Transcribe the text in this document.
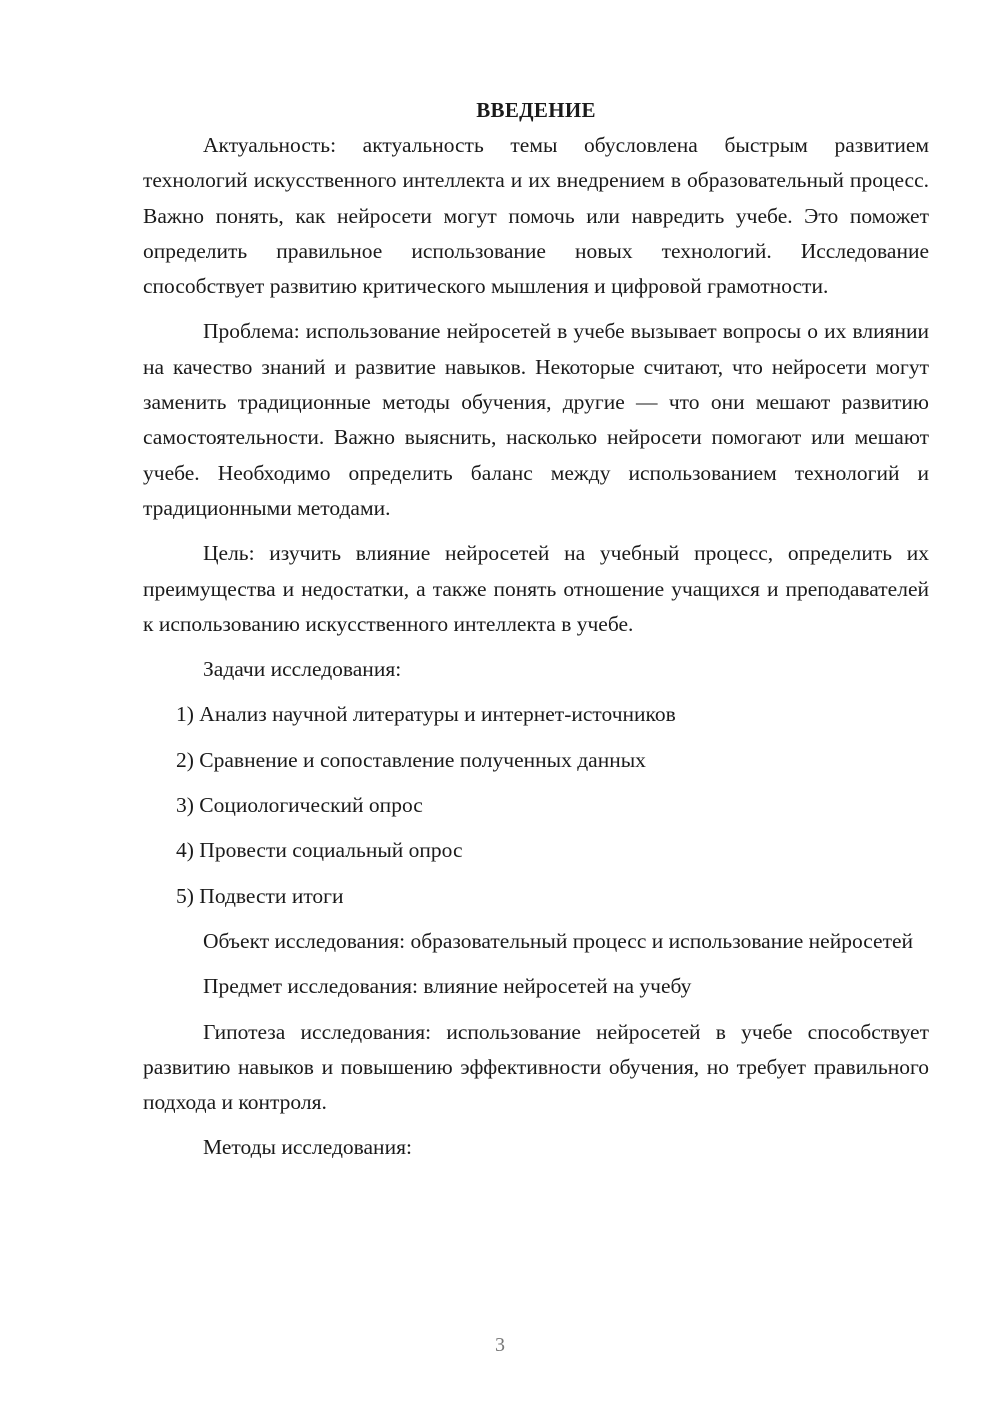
ВВЕДЕНИЕ

Актуальность: актуальность темы обусловлена быстрым развитием технологий искусственного интеллекта и их внедрением в образовательный процесс. Важно понять, как нейросети могут помочь или навредить учебе. Это поможет определить правильное использование новых технологий. Исследование способствует развитию критического мышления и цифровой грамотности.

Проблема: использование нейросетей в учебе вызывает вопросы о их влиянии на качество знаний и развитие навыков. Некоторые считают, что нейросети могут заменить традиционные методы обучения, другие — что они мешают развитию самостоятельности. Важно выяснить, насколько нейросети помогают или мешают учебе. Необходимо определить баланс между использованием технологий и традиционными методами.

Цель: изучить влияние нейросетей на учебный процесс, определить их преимущества и недостатки, а также понять отношение учащихся и преподавателей к использованию искусственного интеллекта в учебе.

Задачи исследования:

1) Анализ научной литературы и интернет-источников
2) Сравнение и сопоставление полученных данных
3) Социологический опрос
4) Провести социальный опрос
5) Подвести итоги

Объект исследования: образовательный процесс и использование нейросетей

Предмет исследования: влияние нейросетей на учебу

Гипотеза исследования: использование нейросетей в учебе способствует развитию навыков и повышению эффективности обучения, но требует правильного подхода и контроля.

Методы исследования:

3
